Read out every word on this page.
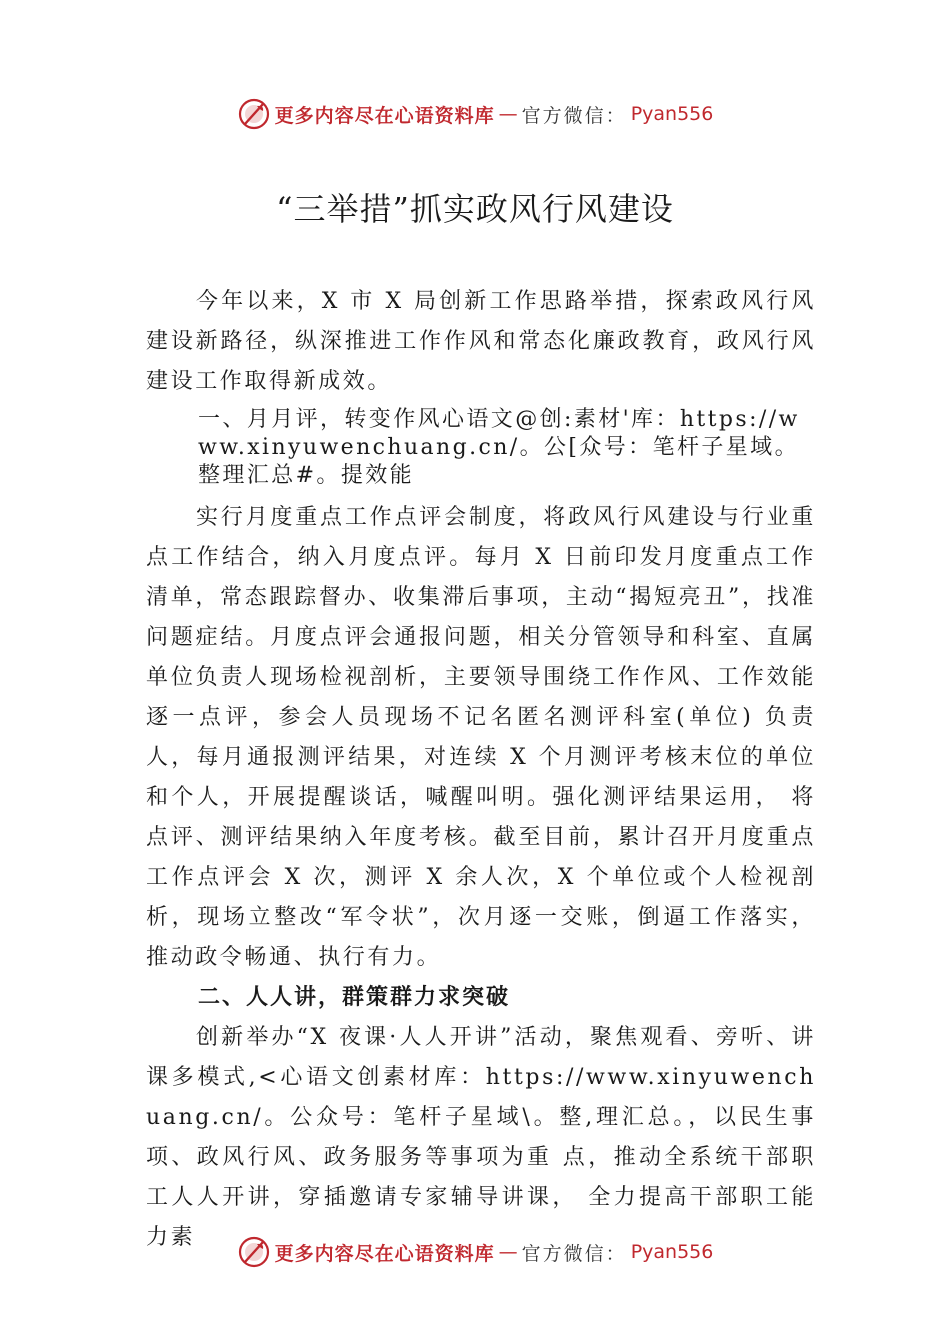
更多内容尽在心语资料库 — 官方微信： Pyan556
“三举措”抓实政风行风建设

今年以来，X 市 X 局创新工作思路举措，探索政风行风建设新路径，纵深推进工作作风和常态化廉政教育，政风行风建设工作取得新成效。

一、月月评，转变作风心语文@创:素材'库：https://www.xinyuwenchuang.cn/。公[众号：笔杆子星域。整理汇总#。提效能

实行月度重点工作点评会制度，将政风行风建设与行业重点工作结合，纳入月度点评。每月 X 日前印发月度重点工作清单，常态跟踪督办、收集滞后事项，主动“揭短亮丑”，找准问题症结。月度点评会通报问题，相关分管领导和科室、直属单位负责人现场检视剖析，主要领导围绕工作作风、工作效能逐一点评，参会人员现场不记名匿名测评科室(单位) 负责人，每月通报测评结果，对连续 X 个月测评考核末位的单位和个人，开展提醒谈话，喊醒叫明。强化测评结果运用， 将点评、测评结果纳入年度考核。截至目前，累计召开月度重点工作点评会 X 次，测评 X 余人次，X 个单位或个人检视剖析，现场立整改“军令状”，次月逐一交账，倒逼工作落实， 推动政令畅通、执行有力。

二、人人讲，群策群力求突破

创新举办“X 夜课·人人开讲”活动，聚焦观看、旁听、讲课多模式,<心语文创素材库：https://www.xinyuwenchuang.cn/。公众号：笔杆子星域\。整,理汇总。，以民生事项、政风行风、政务服务等事项为重 点，推动全系统干部职工人人开讲，穿插邀请专家辅导讲课， 全力提高干部职工能力素

更多内容尽在心语资料库 — 官方微信： Pyan556
